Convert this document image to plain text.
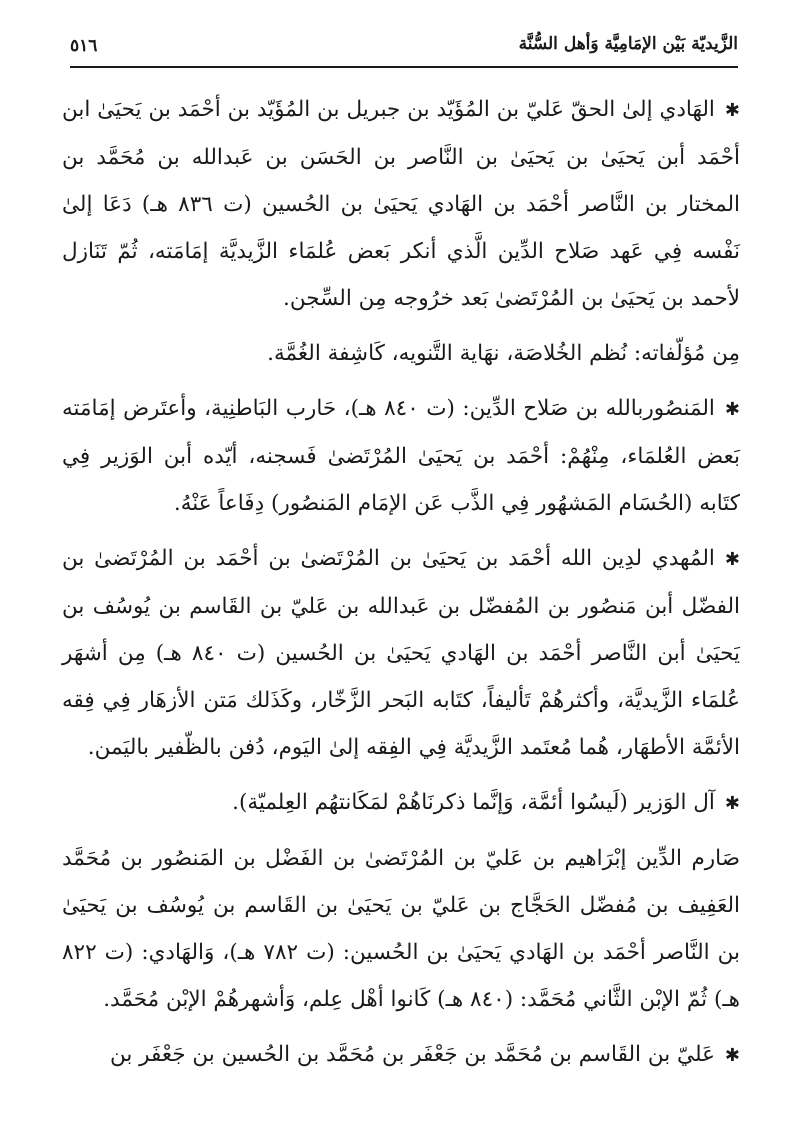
الزَّيديّة بَيْن الإمَامِيَّة وَأهل السُّنَّة
٥١٦

✱الهَادي إلىٰ الحقّ عَليّ بن المُؤَيّد بن جبريل بن المُؤَيّد بن أحْمَد بن يَحيَىٰ ابن أحْمَد أبن يَحيَىٰ بن يَحيَىٰ بن النَّاصر بن الحَسَن بن عَبدالله بن مُحَمَّد بن المختار بن النَّاصر أحْمَد بن الهَادي يَحيَىٰ بن الحُسين (ت ٨٣٦ هـ) دَعَا إلىٰ نَفْسه فِي عَهد صَلاح الدِّين الَّذي أنكر بَعض عُلمَاء الزَّيديَّة إمَامَته، ثُمّ تَنَازل لأحمد بن يَحيَىٰ بن المُرْتَضىٰ بَعد خرُوجه مِن السِّجن.

مِن مُؤلّفاته: نُظم الخُلاصَة، نهَاية التَّنويه، كَاشِفة الغُمَّة.

✱المَنصُوربالله بن صَلاح الدِّين: (ت ٨٤٠ هـ)، حَارب البَاطنِية، وأعتَرض إمَامَته بَعض العُلمَاء، مِنْهُمْ: أحْمَد بن يَحيَىٰ المُرْتَضىٰ فَسجنه، أيّده أبن الوَزير فِي كتَابه (الحُسَام المَشهُور فِي الذَّب عَن الإمَام المَنصُور) دِفَاعاً عَنْهُ.

✱المُهدي لدِين الله أحْمَد بن يَحيَىٰ بن المُرْتَضىٰ بن أحْمَد بن المُرْتَضىٰ بن الفضّل أبن مَنصُور بن المُفضّل بن عَبدالله بن عَليّ بن القَاسم بن يُوسُف بن يَحيَىٰ أبن النَّاصر أحْمَد بن الهَادي يَحيَىٰ بن الحُسين (ت ٨٤٠ هـ) مِن أشهَر عُلمَاء الزَّيديَّة، وأكثرهُمْ تَأليفاً، كتَابه البَحر الزَّخّار، وكَذَلك مَتن الأزهَار فِي فِقه الأئمَّة الأطهَار، هُما مُعتَمد الزَّيديَّة فِي الفِقه إلىٰ اليَوم، دُفن بالظّفير باليَمن.

✱آل الوَزير (لَيسُوا أئمَّة، وَإنَّما ذكرنَاهُمْ لمَكَانتهُم العِلميّة).

صَارم الدِّين إبْرَاهيم بن عَليّ بن المُرْتَضىٰ بن الفَضْل بن المَنصُور بن مُحَمَّد العَفِيف بن مُفضّل الحَجَّاج بن عَليّ بن يَحيَىٰ بن القَاسم بن يُوسُف بن يَحيَىٰ بن النَّاصر أحْمَد بن الهَادي يَحيَىٰ بن الحُسين: (ت ٧٨٢ هـ)، وَالهَادي: (ت ٨٢٢ هـ) ثُمّ الإبْن الثَّاني مُحَمَّد: (٨٤٠ هـ) كَانوا أهْل عِلم، وَأشهرهُمْ الإبْن مُحَمَّد.

✱عَليّ بن القَاسم بن مُحَمَّد بن جَعْفَر بن مُحَمَّد بن الحُسين بن جَعْفَر بن
